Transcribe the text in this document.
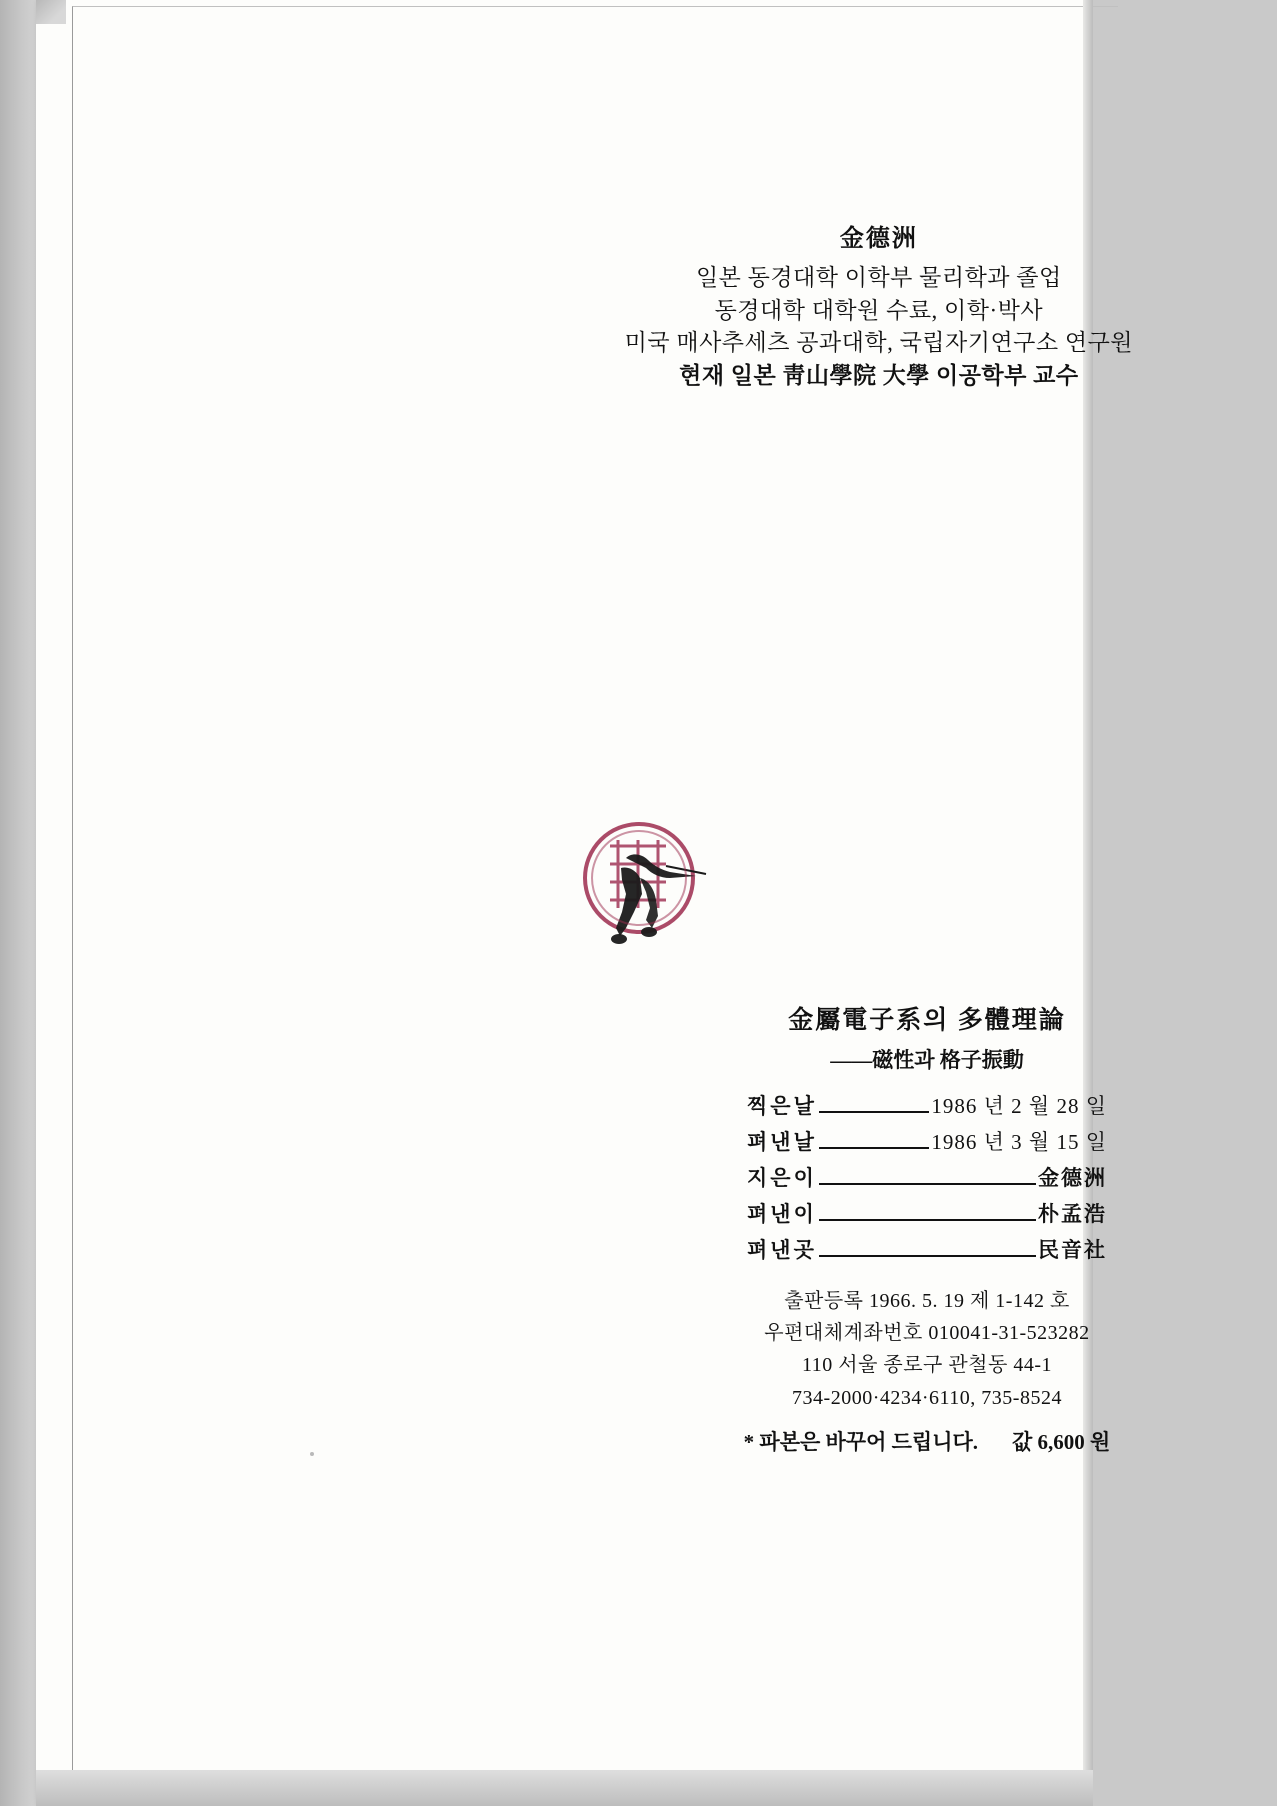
金德洲
일본 동경대학 이학부 물리학과 졸업
동경대학 대학원 수료, 이학·박사
미국 매사추세츠 공과대학, 국립자기연구소 연구원
현재 일본 靑山學院 大學 이공학부 교수
金屬電子系의 多體理論
——磁性과 格子振動
찍은날	1986 년 2 월 28 일
펴낸날	1986 년 3 월 15 일
지은이	金德洲
펴낸이	朴孟浩
펴낸곳	民音社
출판등록 1966. 5. 19 제 1-142 호
우편대체계좌번호 010041-31-523282
110 서울 종로구 관철동 44-1
734-2000·4234·6110, 735-8524
* 파본은 바꾸어 드립니다. 값 6,600 원
